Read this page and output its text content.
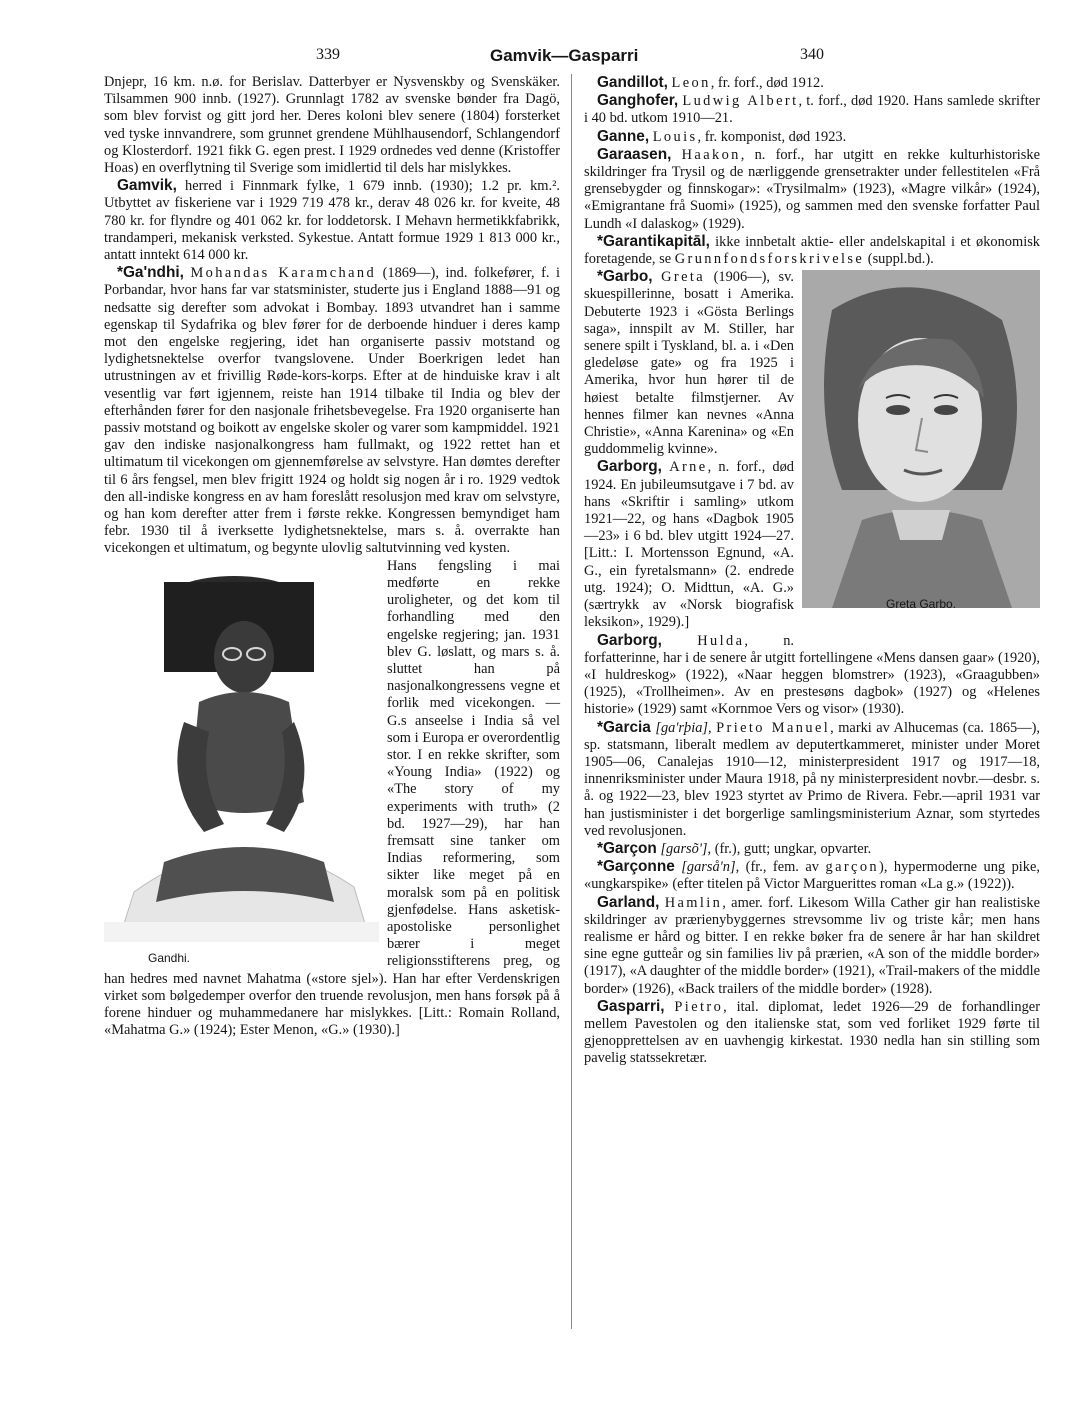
339	Gamvik—Gasparri	340

Dnjepr, 16 km. n.ø. for Berislav. Datterbyer er Nysvenskby og Svenskäker. Tilsammen 900 innb. (1927). Grunnlagt 1782 av svenske bønder fra Dagö, som blev forvist og gitt jord her. Deres koloni blev senere (1804) forsterket ved tyske innvandrere, som grunnet grendene Mühlhausendorf, Schlangendorf og Klosterdorf. 1921 fikk G. egen prest. I 1929 ordnedes ved denne (Kristoffer Hoas) en overflytning til Sverige som imidlertid til dels har mislykkes.

Gamvik, herred i Finnmark fylke, 1 679 innb. (1930); 1.2 pr. km.². Utbyttet av fiskeriene var i 1929 719 478 kr., derav 48 026 kr. for kveite, 48 780 kr. for flyndre og 401 062 kr. for loddetorsk. I Mehavn hermetikkfabrikk, trandamperi, mekanisk verksted. Sykestue. Antatt formue 1929 1 813 000 kr., antatt inntekt 614 000 kr.

*Ga'ndhi, Mohandas Karamchand (1869—), ind. folkefører, f. i Porbandar, hvor hans far var statsminister, studerte jus i England 1888—91 og nedsatte sig derefter som advokat i Bombay. 1893 utvandret han i samme egenskap til Sydafrika og blev fører for de derboende hinduer i deres kamp mot den engelske regjering, idet han organiserte passiv motstand og lydighetsnektelse overfor tvangslovene. Under Boerkrigen ledet han utrustningen av et frivillig Røde-kors-korps. Efter at de hinduiske krav i alt vesentlig var ført igjennem, reiste han 1914 tilbake til India og blev der efterhånden fører for den nasjonale frihetsbevegelse. Fra 1920 organiserte han passiv motstand og boikott av engelske skoler og varer som kampmiddel. 1921 gav den indiske nasjonalkongress ham fullmakt, og 1922 rettet han et ultimatum til vicekongen om gjennemførelse av selvstyre. Han dømtes derefter til 6 års fengsel, men blev frigitt 1924 og holdt sig nogen år i ro. 1929 vedtok den all-indiske kongress en av ham foreslått resolusjon med krav om selvstyre, og han kom derefter atter frem i første rekke. Kongressen bemyndiget ham febr. 1930 til å iverksette lydighetsnektelse, mars s. å. overrakte han vicekongen et ultimatum, og begynte ulovlig saltutvinning ved kysten.

Gandhi.

Hans fengsling i mai medførte en rekke uroligheter, og det kom til forhandling med den engelske regjering; jan. 1931 blev G. løslatt, og mars s. å. sluttet han på nasjonalkongressens vegne et forlik med vicekongen. — G.s anseelse i India så vel som i Europa er overordentlig stor. I en rekke skrifter, som «Young India» (1922) og «The story of my experiments with truth» (2 bd. 1927—29), har han fremsatt sine tanker om Indias reformering, som sikter like meget på en moralsk som på en politisk gjenfødelse. Hans asketisk-apostoliske personlighet bærer i meget religionsstifterens preg, og han hedres med navnet Mahatma («store sjel»). Han har efter Verdenskrigen virket som bølgedemper overfor den truende revolusjon, men hans forsøk på å forene hinduer og muhammedanere har mislykkes. [Litt.: Romain Rolland, «Mahatma G.» (1924); Ester Menon, «G.» (1930).]

Gandillot, Leon, fr. forf., død 1912.

Ganghofer, Ludwig Albert, t. forf., død 1920. Hans samlede skrifter i 40 bd. utkom 1910—21.

Ganne, Louis, fr. komponist, død 1923.

Garaasen, Haakon, n. forf., har utgitt en rekke kulturhistoriske skildringer fra Trysil og de nærliggende grensetrakter under fellestitelen «Frå grensebygder og finnskogar»: «Trysilmalm» (1923), «Magre vilkår» (1924), «Emigrantane frå Suomi» (1925), og sammen med den svenske forfatter Paul Lundh «I dalaskog» (1929).

*Garantikapitāl, ikke innbetalt aktie- eller andelskapital i et økonomisk foretagende, se Grunnfondsforskrivelse (suppl.bd.).

Greta Garbo.

*Garbo, Greta (1906—), sv. skuespillerinne, bosatt i Amerika. Debuterte 1923 i «Gösta Berlings saga», innspilt av M. Stiller, har senere spilt i Tyskland, bl. a. i «Den gledeløse gate» og fra 1925 i Amerika, hvor hun hører til de høiest betalte filmstjerner. Av hennes filmer kan nevnes «Anna Christie», «Anna Karenina» og «En guddommelig kvinne».

Garborg, Arne, n. forf., død 1924. En jubileumsutgave i 7 bd. av hans «Skriftir i samling» utkom 1921—22, og hans «Dagbok 1905—23» i 6 bd. blev utgitt 1924—27. [Litt.: I. Mortensson Egnund, «A. G., ein fyretalsmann» (2. endrede utg. 1924); O. Midttun, «A. G.» (særtrykk av «Norsk biografisk leksikon», 1929).]

Garborg, Hulda, n. forfatterinne, har i de senere år utgitt fortellingene «Mens dansen gaar» (1920), «I huldreskog» (1922), «Naar heggen blomstrer» (1923), «Graagubben» (1925), «Trollheimen». Av en prestesøns dagbok» (1927) og «Helenes historie» (1929) samt «Kornmoe Vers og visor» (1930).

*Garcia [ga'rþia], Prieto Manuel, marki av Alhucemas (ca. 1865—), sp. statsmann, liberalt medlem av deputertkammeret, minister under Moret 1905—06, Canalejas 1910—12, ministerpresident 1917 og 1917—18, innenriksminister under Maura 1918, på ny ministerpresident novbr.—desbr. s. å. og 1922—23, blev 1923 styrtet av Primo de Rivera. Febr.—april 1931 var han justisminister i det borgerlige samlingsministerium Aznar, som styrtedes ved revolusjonen.

*Garçon [garsõ'], (fr.), gutt; ungkar, opvarter.

*Garçonne [garså'n], (fr., fem. av garçon), hypermoderne ung pike, «ungkarspike» (efter titelen på Victor Marguerittes roman «La g.» (1922)).

Garland, Hamlin, amer. forf. Likesom Willa Cather gir han realistiske skildringer av prærienybyggernes strevsomme liv og triste kår; men hans realisme er hård og bitter. I en rekke bøker fra de senere år har han skildret sine egne gutteår og sin families liv på prærien, «A son of the middle border» (1917), «A daughter of the middle border» (1921), «Trail-makers of the middle border» (1926), «Back trailers of the middle border» (1928).

Gasparri, Pietro, ital. diplomat, ledet 1926—29 de forhandlinger mellem Pavestolen og den italienske stat, som ved forliket 1929 førte til gjenopprettelsen av en uavhengig kirkestat. 1930 nedla han sin stilling som pavelig statssekretær.
